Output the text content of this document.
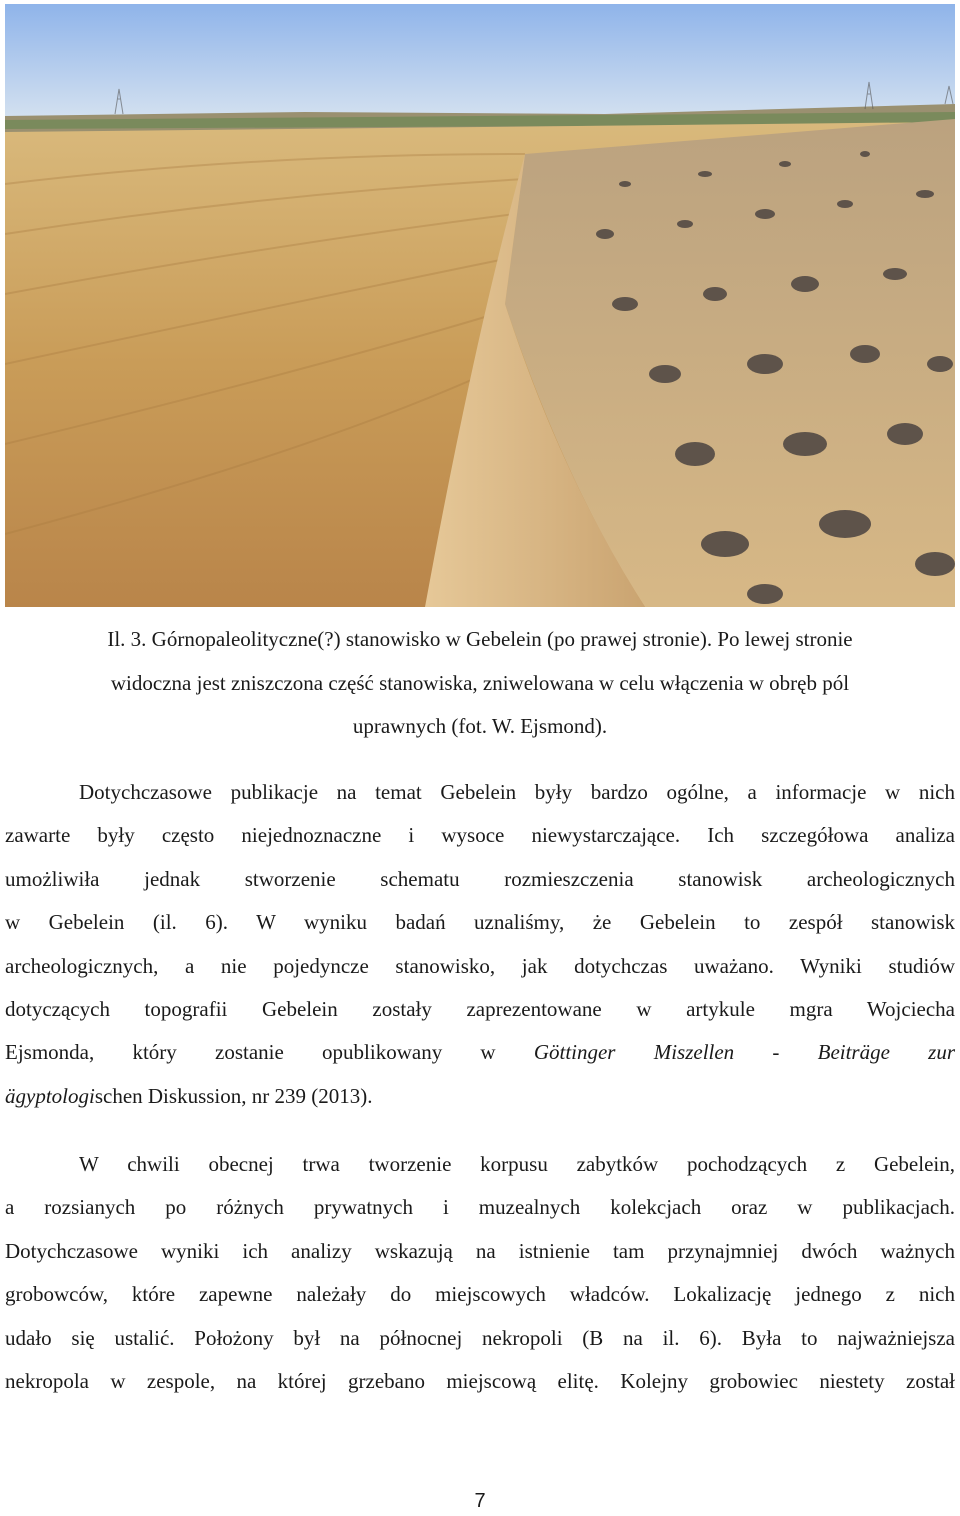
Il. 3. Górnopaleolityczne(?) stanowisko w Gebelein (po prawej stronie). Po lewej stronie
widoczna jest zniszczona część stanowiska, zniwelowana w celu włączenia w obręb pól
uprawnych (fot. W. Ejsmond).
Dotychczasowe publikacje na temat Gebelein były bardzo ogólne, a informacje w nich
zawarte były często niejednoznaczne i wysoce niewystarczające. Ich szczegółowa analiza
umożliwiła jednak stworzenie schematu rozmieszczenia stanowisk archeologicznych
w Gebelein (il. 6). W wyniku badań uznaliśmy, że Gebelein to zespół stanowisk
archeologicznych, a nie pojedyncze stanowisko, jak dotychczas uważano. Wyniki studiów
dotyczących topografii Gebelein zostały zaprezentowane w artykule mgra Wojciecha
Ejsmonda, który zostanie opublikowany w Göttinger Miszellen - Beiträge zur
ägyptologischen Diskussion, nr 239 (2013).
W chwili obecnej trwa tworzenie korpusu zabytków pochodzących z Gebelein,
a rozsianych po różnych prywatnych i muzealnych kolekcjach oraz w publikacjach.
Dotychczasowe wyniki ich analizy wskazują na istnienie tam przynajmniej dwóch ważnych
grobowców, które zapewne należały do miejscowych władców. Lokalizację jednego z nich
udało się ustalić. Położony był na północnej nekropoli (B na il. 6). Była to najważniejsza
nekropola w zespole, na której grzebano miejscową elitę. Kolejny grobowiec niestety został
7
